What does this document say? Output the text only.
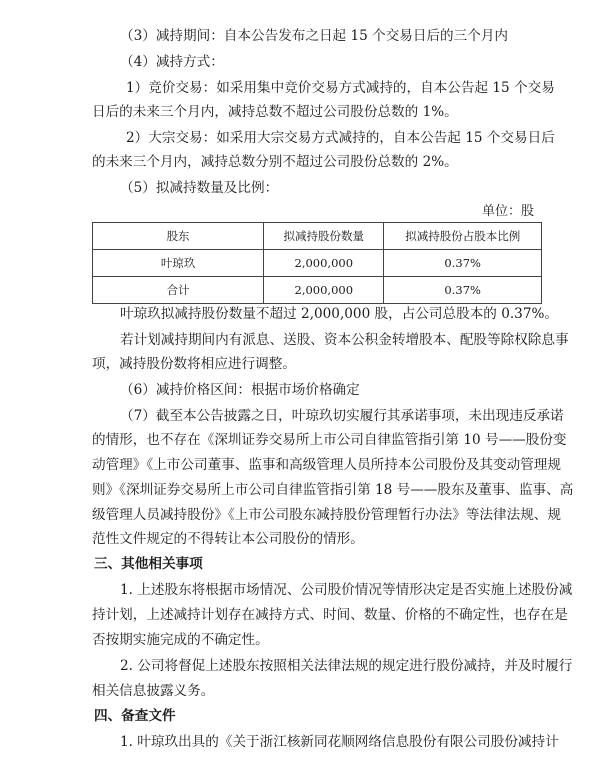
（3）减持期间：自本公告发布之日起 15 个交易日后的三个月内
（4）减持方式：
1）竞价交易：如采用集中竞价交易方式减持的，自本公告起 15 个交易
日后的未来三个月内，减持总数不超过公司股份总数的 1%。
2）大宗交易：如采用大宗交易方式减持的，自本公告起 15 个交易日后
的未来三个月内，减持总数分别不超过公司股份总数的 2%。
（5）拟减持数量及比例：
单位：股
股东	拟减持股份数量	拟减持股份占股本比例
叶琼玖	2,000,000	0.37%
合计	2,000,000	0.37%
叶琼玖拟减持股份数量不超过 2,000,000 股，占公司总股本的 0.37%。
若计划减持期间内有派息、送股、资本公积金转增股本、配股等除权除息事
项，减持股份数将相应进行调整。
（6）减持价格区间：根据市场价格确定
（7）截至本公告披露之日，叶琼玖切实履行其承诺事项，未出现违反承诺
的情形，也不存在《深圳证券交易所上市公司自律监管指引第 10 号——股份变
动管理》《上市公司董事、监事和高级管理人员所持本公司股份及其变动管理规
则》《深圳证券交易所上市公司自律监管指引第 18 号——股东及董事、监事、高
级管理人员减持股份》《上市公司股东减持股份管理暂行办法》等法律法规、规
范性文件规定的不得转让本公司股份的情形。
三、其他相关事项
1. 上述股东将根据市场情况、公司股价情况等情形决定是否实施上述股份减
持计划，上述减持计划存在减持方式、时间、数量、价格的不确定性，也存在是
否按期实施完成的不确定性。
2. 公司将督促上述股东按照相关法律法规的规定进行股份减持，并及时履行
相关信息披露义务。
四、备查文件
1. 叶琼玖出具的《关于浙江核新同花顺网络信息股份有限公司股份减持计
